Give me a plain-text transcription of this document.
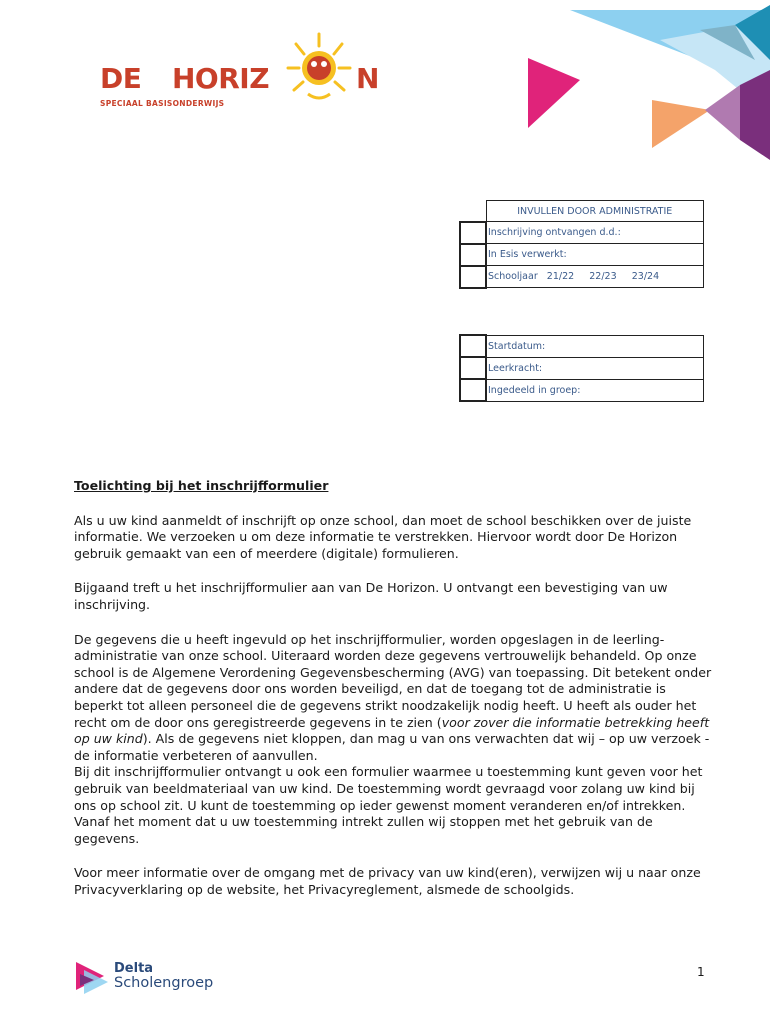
DE HORIZ	N
SPECIAAL BASISONDERWIJS
	INVULLEN DOOR ADMINISTRATIE
	Inschrijving ontvangen d.d.:
	In Esis verwerkt:
	Schooljaar   21/22     22/23     23/24
	Startdatum:
	Leerkracht:
	Ingedeeld in groep:
Toelichting bij het inschrijfformulier

Als u uw kind aanmeldt of inschrijft op onze school, dan moet de school beschikken over de juiste informatie. We verzoeken u om deze informatie te verstrekken. Hiervoor wordt door De Horizon gebruik gemaakt van een of meerdere (digitale) formulieren.

Bijgaand treft u het inschrijfformulier aan van De Horizon. U ontvangt een bevestiging van uw inschrijving.

De gegevens die u heeft ingevuld op het inschrijfformulier, worden opgeslagen in de leerling-administratie van onze school. Uiteraard worden deze gegevens vertrouwelijk behandeld. Op onze school is de Algemene Verordening Gegevensbescherming (AVG) van toepassing. Dit betekent onder andere dat de gegevens door ons worden beveiligd, en dat de toegang tot de administratie is beperkt tot alleen personeel die de gegevens strikt noodzakelijk nodig heeft. U heeft als ouder het recht om de door ons geregistreerde gegevens in te zien (voor zover die informatie betrekking heeft op uw kind). Als de gegevens niet kloppen, dan mag u van ons verwachten dat wij – op uw verzoek - de informatie verbeteren of aanvullen.

Bij dit inschrijfformulier ontvangt u ook een formulier waarmee u toestemming kunt geven voor het gebruik van beeldmateriaal van uw kind. De toestemming wordt gevraagd voor zolang uw kind bij ons op school zit. U kunt de toestemming op ieder gewenst moment veranderen en/of intrekken. Vanaf het moment dat u uw toestemming intrekt zullen wij stoppen met het gebruik van de gegevens.

Voor meer informatie over de omgang met de privacy van uw kind(eren), verwijzen wij u naar onze Privacyverklaring op de website, het Privacyreglement, alsmede de schoolgids.

Delta
Scholengroep
1
